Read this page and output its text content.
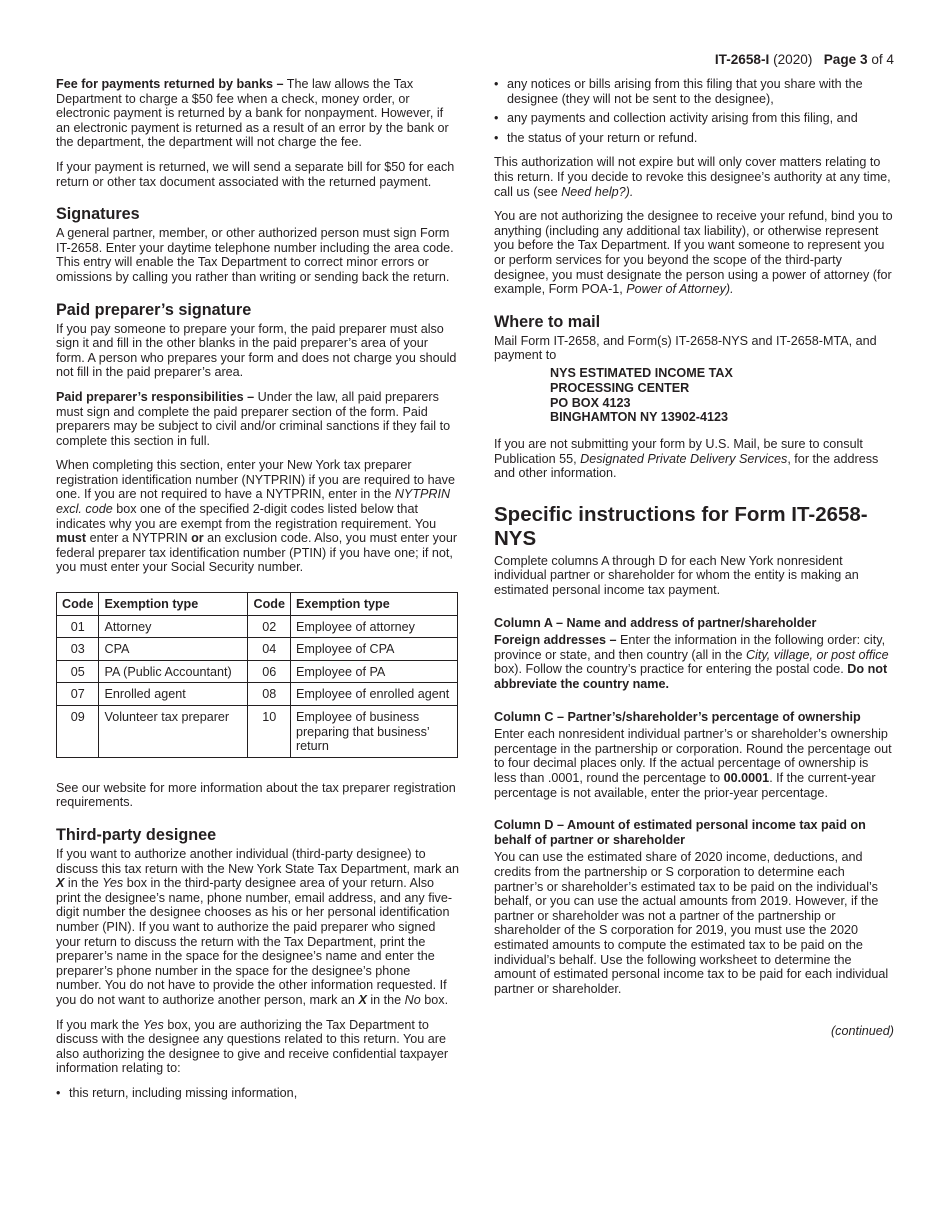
IT-2658-I (2020) Page 3 of 4

Fee for payments returned by banks – The law allows the Tax Department to charge a $50 fee when a check, money order, or electronic payment is returned by a bank for nonpayment. However, if an electronic payment is returned as a result of an error by the bank or the department, the department will not charge the fee.

If your payment is returned, we will send a separate bill for $50 for each return or other tax document associated with the returned payment.

Signatures

A general partner, member, or other authorized person must sign Form IT-2658. Enter your daytime telephone number including the area code. This entry will enable the Tax Department to correct minor errors or omissions by calling you rather than writing or sending back the return.

Paid preparer’s signature

If you pay someone to prepare your form, the paid preparer must also sign it and fill in the other blanks in the paid preparer’s area of your form. A person who prepares your form and does not charge you should not fill in the paid preparer’s area.

Paid preparer’s responsibilities – Under the law, all paid preparers must sign and complete the paid preparer section of the form. Paid preparers may be subject to civil and/or criminal sanctions if they fail to complete this section in full.

When completing this section, enter your New York tax preparer registration identification number (NYTPRIN) if you are required to have one. If you are not required to have a NYTPRIN, enter in the NYTPRIN excl. code box one of the specified 2-digit codes listed below that indicates why you are exempt from the registration requirement. You must enter a NYTPRIN or an exclusion code. Also, you must enter your federal preparer tax identification number (PTIN) if you have one; if not, you must enter your Social Security number.

Code	Exemption type	Code	Exemption type
01	Attorney	02	Employee of attorney
03	CPA	04	Employee of CPA
05	PA (Public Accountant)	06	Employee of PA
07	Enrolled agent	08	Employee of enrolled agent
09	Volunteer tax preparer	10	Employee of business preparing that business’ return

See our website for more information about the tax preparer registration requirements.

Third-party designee

If you want to authorize another individual (third-party designee) to discuss this tax return with the New York State Tax Department, mark an X in the Yes box in the third-party designee area of your return. Also print the designee’s name, phone number, email address, and any five-digit number the designee chooses as his or her personal identification number (PIN). If you want to authorize the paid preparer who signed your return to discuss the return with the Tax Department, print the preparer’s name in the space for the designee’s name and enter the preparer’s phone number in the space for the designee’s phone number. You do not have to provide the other information requested. If you do not want to authorize another person, mark an X in the No box.

If you mark the Yes box, you are authorizing the Tax Department to discuss with the designee any questions related to this return. You are also authorizing the designee to give and receive confidential taxpayer information relating to:

• this return, including missing information,
• any notices or bills arising from this filing that you share with the designee (they will not be sent to the designee),
• any payments and collection activity arising from this filing, and
• the status of your return or refund.

This authorization will not expire but will only cover matters relating to this return. If you decide to revoke this designee’s authority at any time, call us (see Need help?).

You are not authorizing the designee to receive your refund, bind you to anything (including any additional tax liability), or otherwise represent you before the Tax Department. If you want someone to represent you or perform services for you beyond the scope of the third-party designee, you must designate the person using a power of attorney (for example, Form POA-1, Power of Attorney).

Where to mail

Mail Form IT-2658, and Form(s) IT-2658-NYS and IT-2658-MTA, and payment to

NYS ESTIMATED INCOME TAX
PROCESSING CENTER
PO BOX 4123
BINGHAMTON NY 13902-4123

If you are not submitting your form by U.S. Mail, be sure to consult Publication 55, Designated Private Delivery Services, for the address and other information.

Specific instructions for Form IT-2658-NYS

Complete columns A through D for each New York nonresident individual partner or shareholder for whom the entity is making an estimated personal income tax payment.

Column A – Name and address of partner/shareholder

Foreign addresses – Enter the information in the following order: city, province or state, and then country (all in the City, village, or post office box). Follow the country’s practice for entering the postal code. Do not abbreviate the country name.

Column C – Partner’s/shareholder’s percentage of ownership

Enter each nonresident individual partner’s or shareholder’s ownership percentage in the partnership or corporation. Round the percentage out to four decimal places only. If the actual percentage of ownership is less than .0001, round the percentage to 00.0001. If the current-year percentage is not available, enter the prior-year percentage.

Column D – Amount of estimated personal income tax paid on behalf of partner or shareholder

You can use the estimated share of 2020 income, deductions, and credits from the partnership or S corporation to determine each partner’s or shareholder’s estimated tax to be paid on the individual’s behalf, or you can use the actual amounts from 2019. However, if the partner or shareholder was not a partner of the partnership or shareholder of the S corporation for 2019, you must use the 2020 estimated amounts to compute the estimated tax to be paid on the individual’s behalf. Use the following worksheet to determine the amount of estimated personal income tax to be paid for each individual partner or shareholder.

(continued)
